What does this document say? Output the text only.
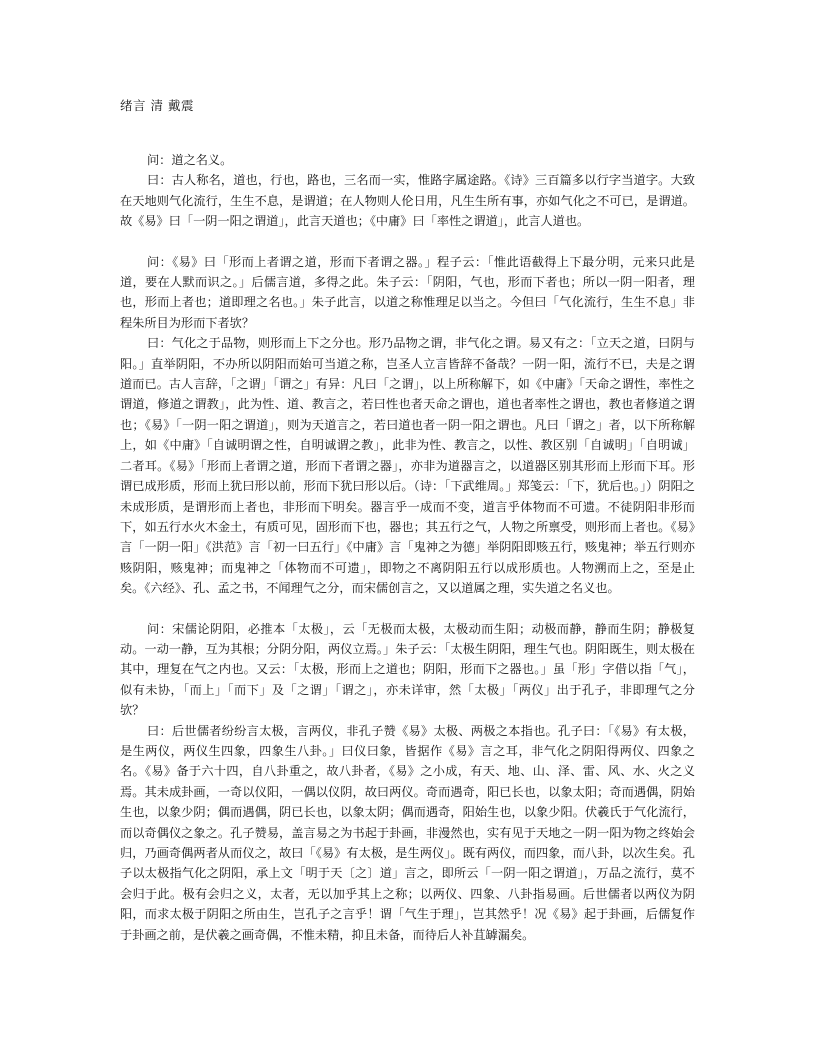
绪言 清 戴震

问：道之名义。

曰：古人称名，道也，行也，路也，三名而一实，惟路字属途路。《诗》三百篇多以行字当道字。大致在天地则气化流行，生生不息，是谓道；在人物则人伦日用，凡生生所有事，亦如气化之不可已，是谓道。故《易》曰「一阴一阳之谓道」，此言天道也；《中庸》曰「率性之谓道」，此言人道也。

问：《易》曰「形而上者谓之道，形而下者谓之器。」程子云：「惟此语截得上下最分明，元来只此是道，要在人默而识之。」后儒言道，多得之此。朱子云：「阴阳，气也，形而下者也；所以一阴一阳者，理也，形而上者也；道即理之名也。」朱子此言，以道之称惟理足以当之。今但曰「气化流行，生生不息」非程朱所目为形而下者欤？

曰：气化之于品物，则形而上下之分也。形乃品物之谓，非气化之谓。易又有之：「立天之道，曰阴与阳。」直举阴阳，不办所以阴阳而始可当道之称，岂圣人立言皆辞不备哉？一阴一阳，流行不已，夫是之谓道而已。古人言辞，「之谓」「谓之」有异：凡曰「之谓」，以上所称解下，如《中庸》「天命之谓性，率性之谓道，修道之谓教」，此为性、道、教言之，若曰性也者天命之谓也，道也者率性之谓也，教也者修道之谓也；《易》「一阴一阳之谓道」，则为天道言之，若曰道也者一阴一阳之谓也。凡曰「谓之」者，以下所称解上，如《中庸》「自诚明谓之性，自明诚谓之教」，此非为性、教言之，以性、教区别「自诚明」「自明诚」二者耳。《易》「形而上者谓之道，形而下者谓之器」，亦非为道器言之，以道器区别其形而上形而下耳。形谓已成形质，形而上犹曰形以前，形而下犹曰形以后。（诗：「下武维周。」郑笺云：「下，犹后也。」）阴阳之未成形质，是谓形而上者也，非形而下明矣。器言乎一成而不变，道言乎体物而不可遗。不徒阴阳非形而下，如五行水火木金土，有质可见，固形而下也，器也；其五行之气，人物之所禀受，则形而上者也。《易》言「一阴一阳」《洪范》言「初一曰五行」《中庸》言「鬼神之为德」举阴阳即赅五行，赅鬼神；举五行则亦赅阴阳，赅鬼神；而鬼神之「体物而不可遗」，即物之不离阴阳五行以成形质也。人物溯而上之，至是止矣。《六经》、孔、孟之书，不闻理气之分，而宋儒创言之，又以道属之理，实失道之名义也。

问：宋儒论阴阳，必推本「太极」，云「无极而太极，太极动而生阳；动极而静，静而生阴；静极复动。一动一静，互为其根；分阴分阳，两仪立焉。」朱子云：「太极生阴阳，理生气也。阴阳既生，则太极在其中，理复在气之内也。又云：「太极，形而上之道也；阴阳，形而下之器也。」虽「形」字借以指「气」，似有未协，「而上」「而下」及「之谓」「谓之」，亦未详审，然「太极」「两仪」出于孔子，非即理气之分欤？

曰：后世儒者纷纷言太极，言两仪，非孔子赞《易》太极、两极之本指也。孔子曰：「《易》有太极，是生两仪，两仪生四象，四象生八卦。」曰仪曰象，皆据作《易》言之耳，非气化之阴阳得两仪、四象之名。《易》备于六十四，自八卦重之，故八卦者，《易》之小成，有天、地、山、泽、雷、风、水、火之义焉。其未成卦画，一奇以仪阳，一偶以仪阴，故曰两仪。奇而遇奇，阳已长也，以象太阳；奇而遇偶，阴始生也，以象少阴；偶而遇偶，阴已长也，以象太阴；偶而遇奇，阳始生也，以象少阳。伏羲氏于气化流行，而以奇偶仪之象之。孔子赞易，盖言易之为书起于卦画，非漫然也，实有见于天地之一阴一阳为物之终始会归，乃画奇偶两者从而仪之，故曰「《易》有太极，是生两仪」。既有两仪，而四象，而八卦，以次生矣。孔子以太极指气化之阴阳，承上文「明于天〔之〕道」言之，即所云「一阴一阳之谓道」，万品之流行，莫不会归于此。极有会归之义，太者，无以加乎其上之称；以两仪、四象、八卦指易画。后世儒者以两仪为阴阳，而求太极于阴阳之所由生，岂孔子之言乎！谓「气生于理」，岂其然乎！况《易》起于卦画，后儒复作于卦画之前，是伏羲之画奇偶，不惟未精，抑且未备，而待后人补苴罅漏矣。
